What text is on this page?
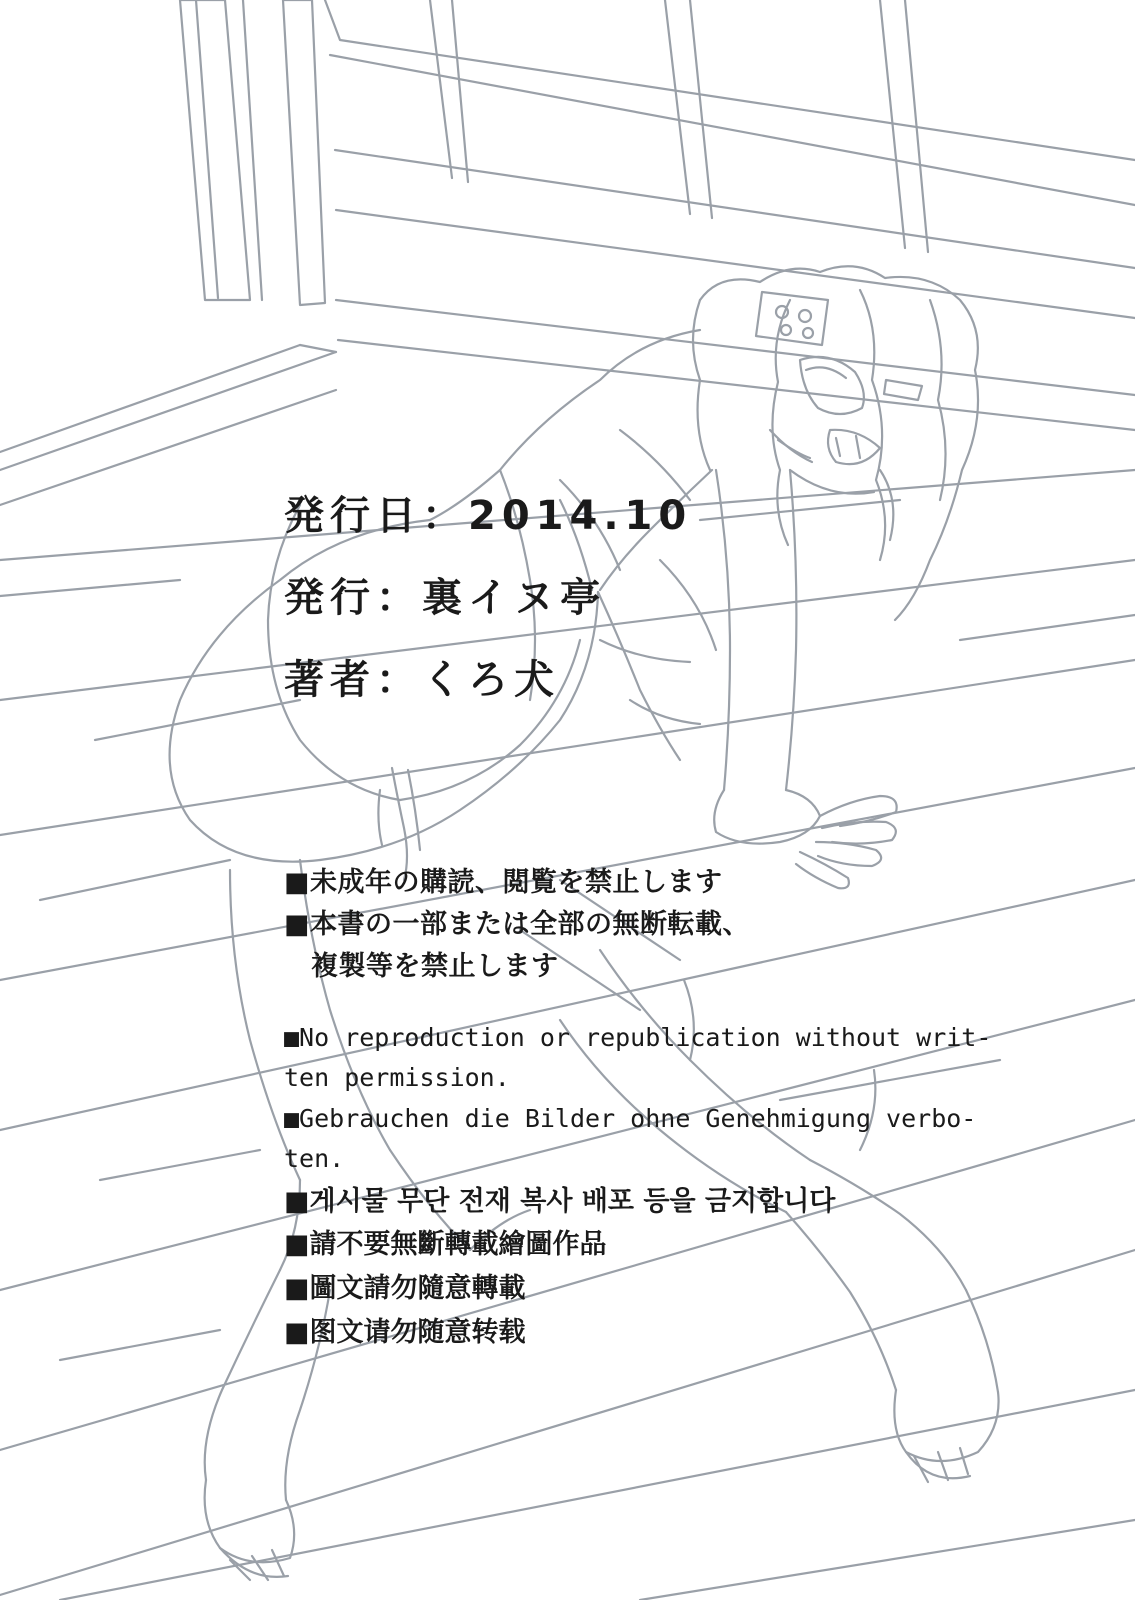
発行日：2014.10
発行：裏イヌ亭
著者：くろ犬
■未成年の購読、閲覧を禁止します
■本書の一部または全部の無断転載、
複製等を禁止します
■No reproduction or republication without writ-
ten permission.
■Gebrauchen die Bilder ohne Genehmigung verbo-
ten.
■게시물 무단 전재 복사 배포 등을 금지합니다
■請不要無斷轉載繪圖作品
■圖文請勿隨意轉載
■图文请勿随意转载
